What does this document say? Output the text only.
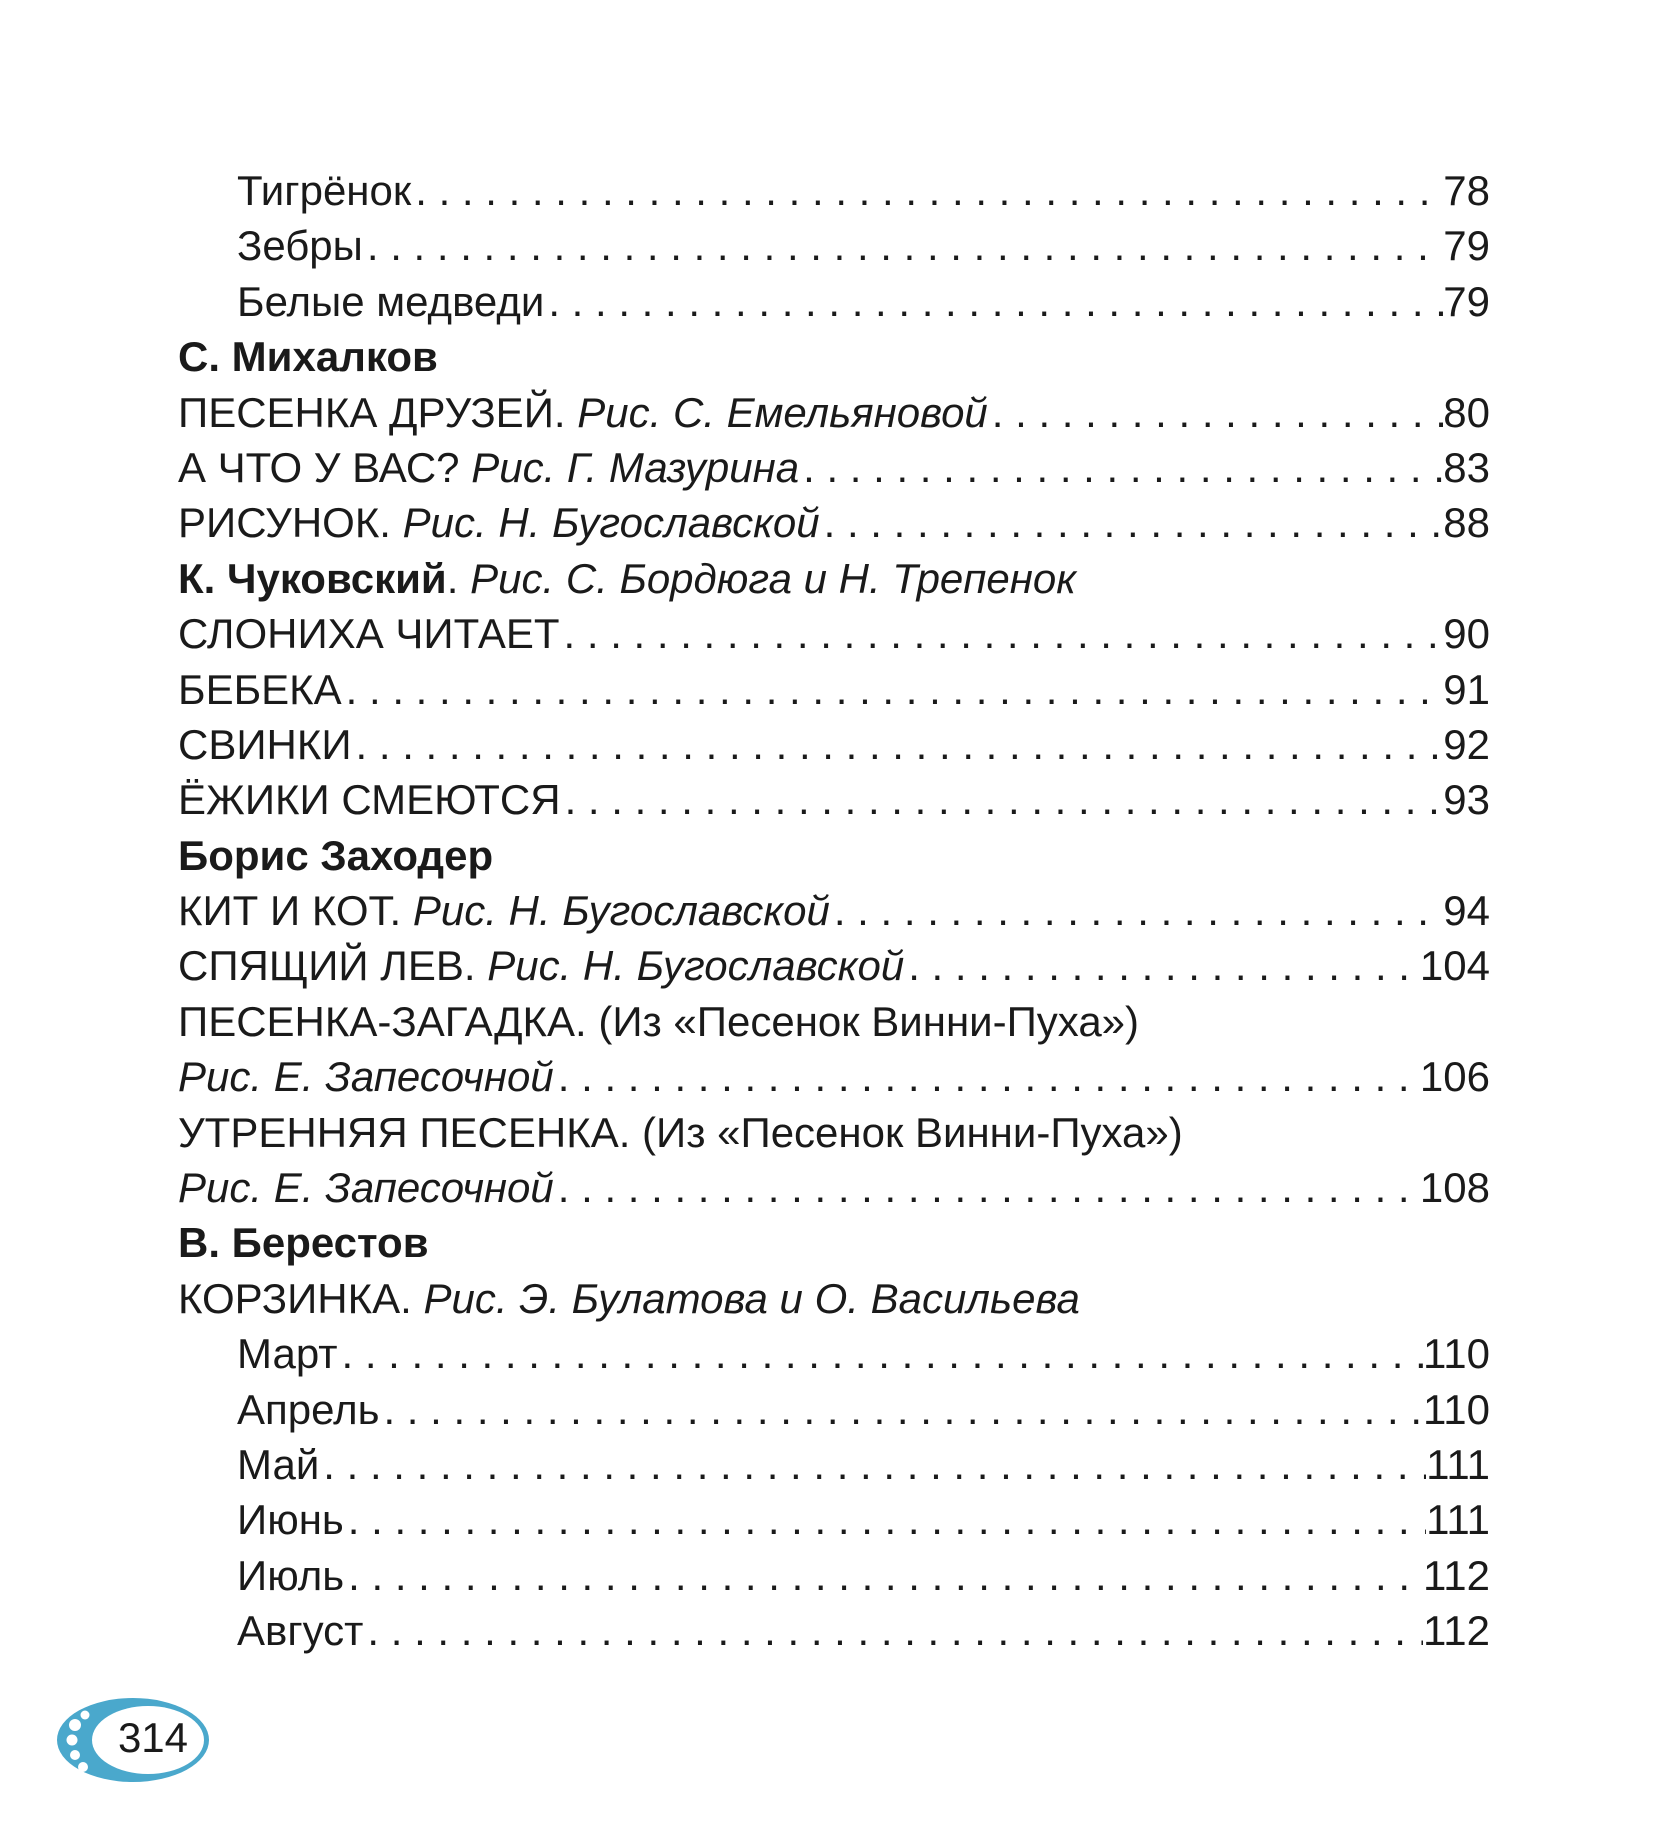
Тигрёнок . . .	78
Зебры . . .	79
Белые медведи . . .	79
С. Михалков
ПЕСЕНКА ДРУЗЕЙ. Рис. С. Емельяновой . . .	80
А ЧТО У ВАС? Рис. Г. Мазурина . . .	83
РИСУНОК. Рис. Н. Бугославской . . .	88
К. Чуковский. Рис. С. Бордюга и Н. Трепенок
СЛОНИХА ЧИТАЕТ . . .	90
БЕБЕКА . . .	91
СВИНКИ . . .	92
ЁЖИКИ СМЕЮТСЯ . . .	93
Борис Заходер
КИТ И КОТ. Рис. Н. Бугославской . . .	94
СПЯЩИЙ ЛЕВ. Рис. Н. Бугославской . . .	104
ПЕСЕНКА-ЗАГАДКА. (Из «Песенок Винни-Пуха»)
Рис. Е. Запесочной . . .	106
УТРЕННЯЯ ПЕСЕНКА. (Из «Песенок Винни-Пуха»)
Рис. Е. Запесочной . . .	108
В. Берестов
КОРЗИНКА. Рис. Э. Булатова и О. Васильева
Март . . .	110
Апрель . . .	110
Май . . .	111
Июнь . . .	111
Июль . . .	112
Август . . .	112
314
